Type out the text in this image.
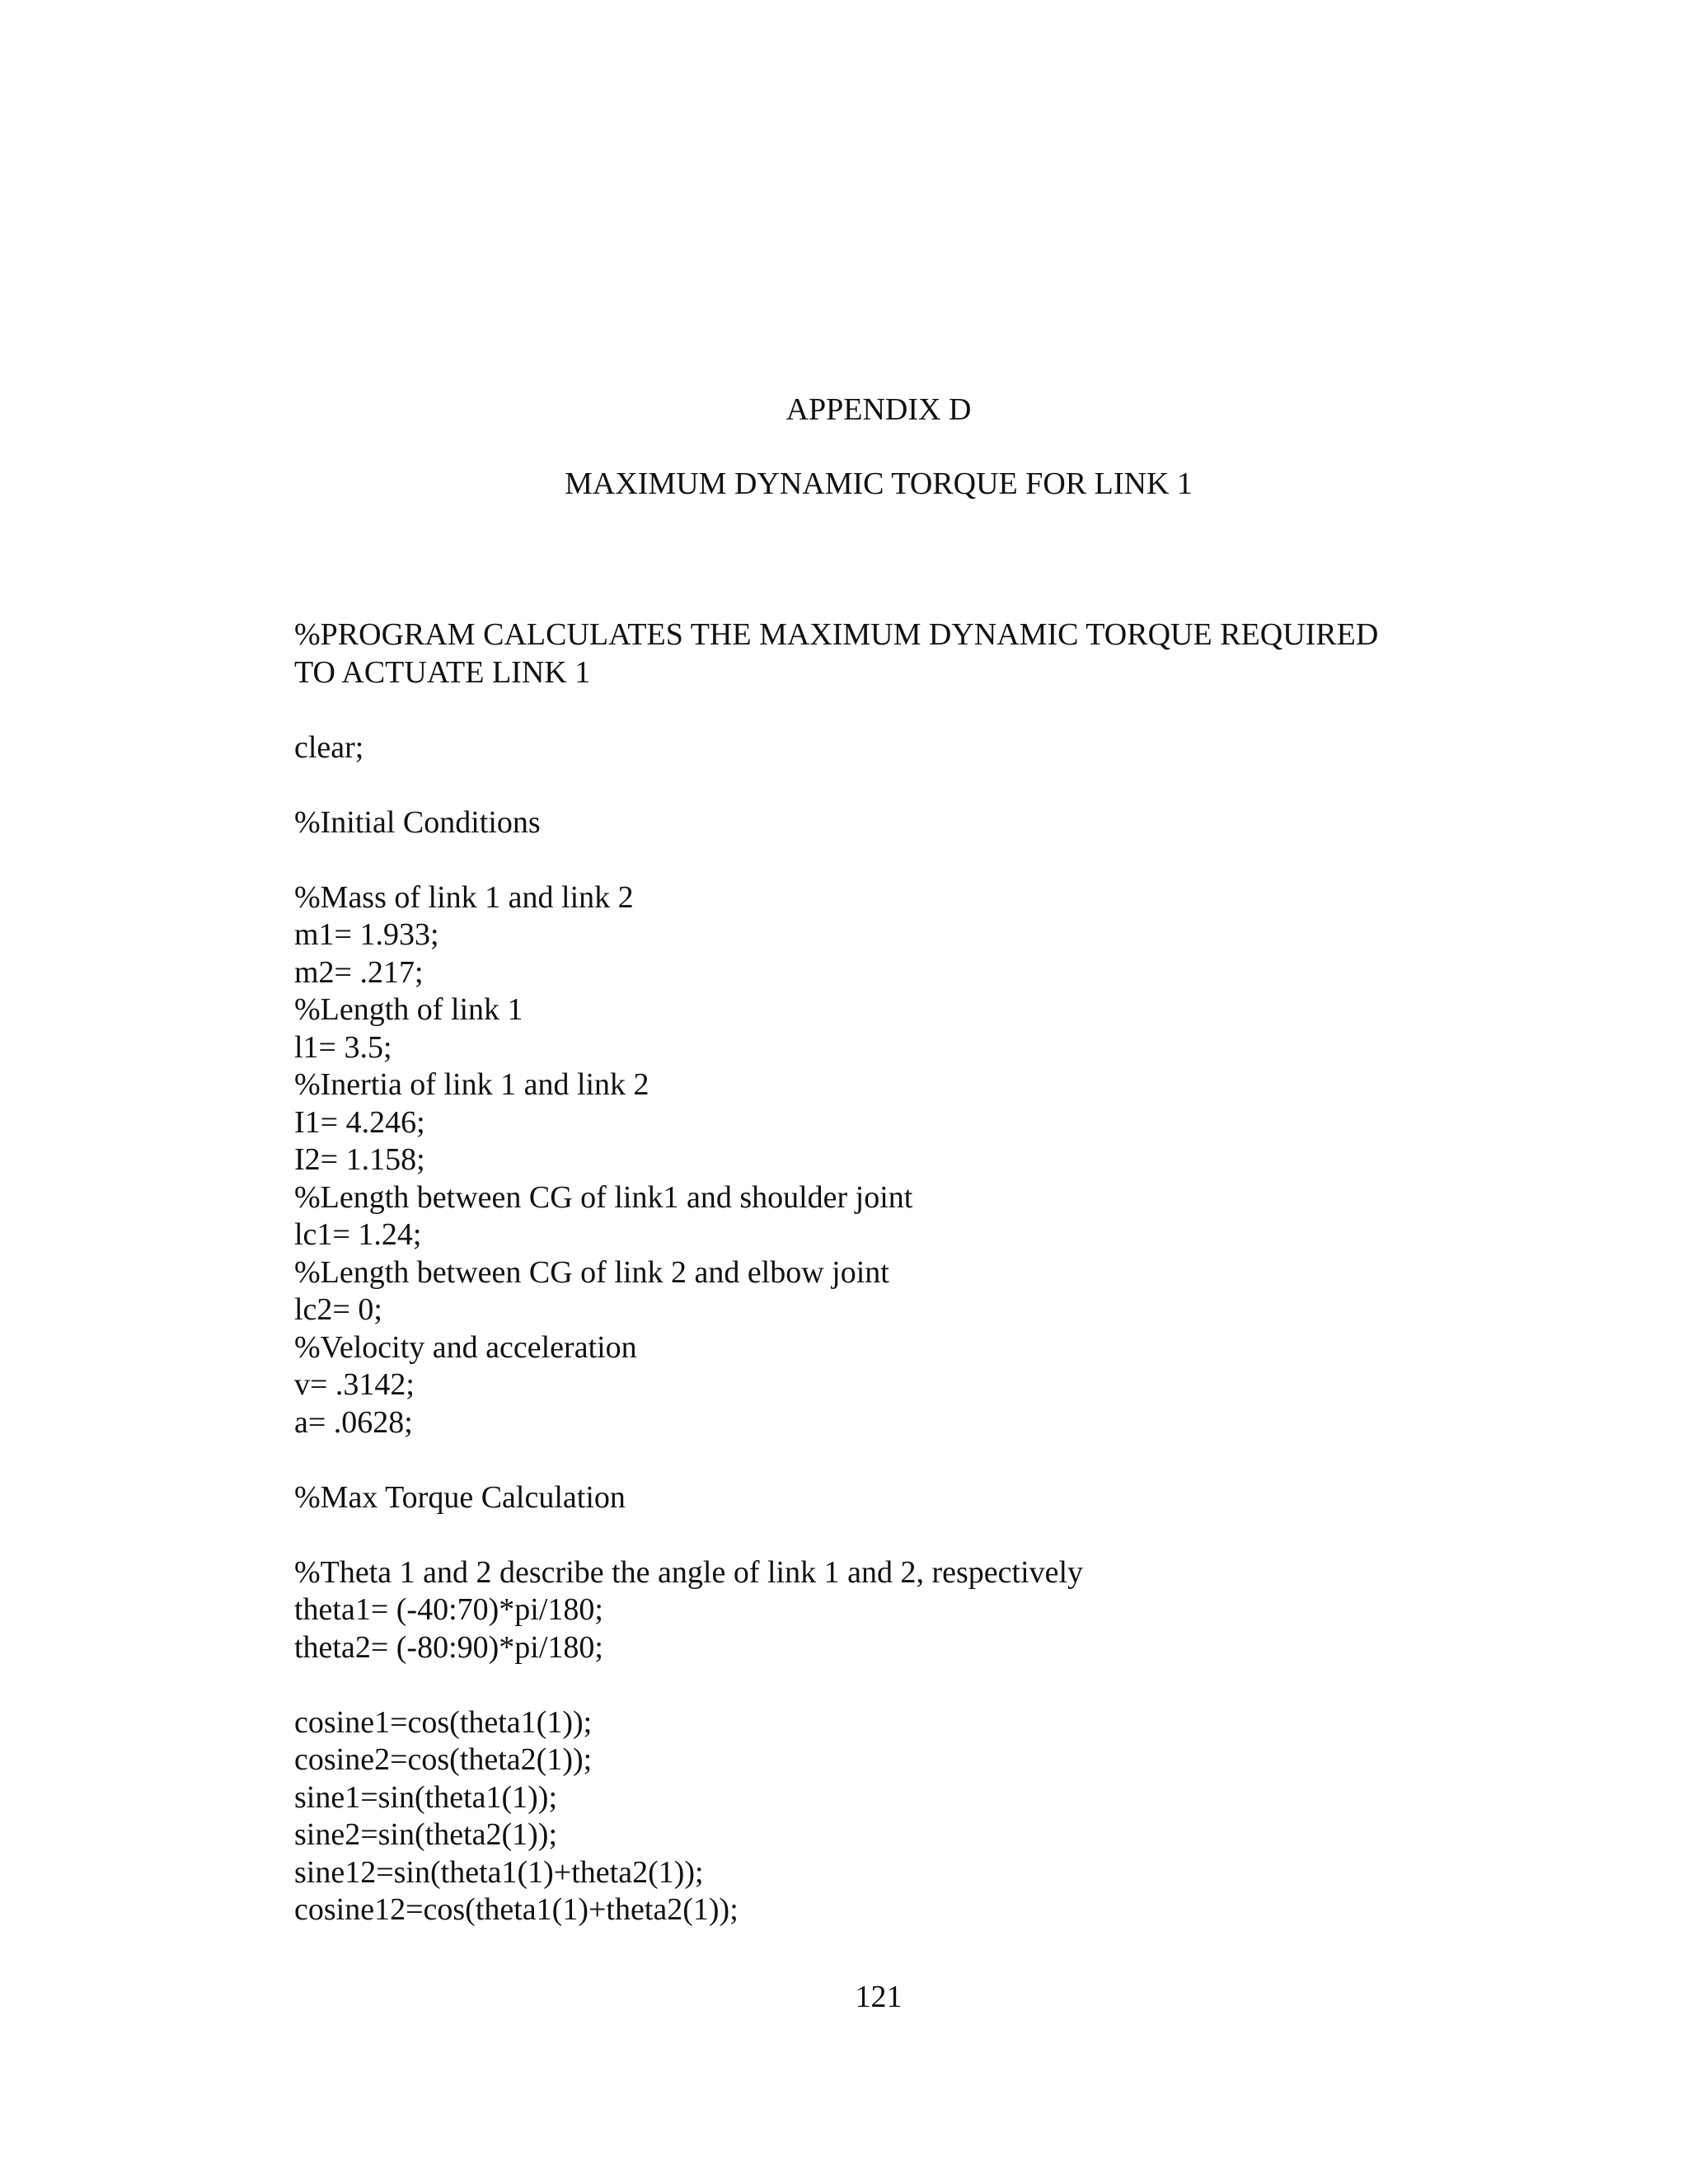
APPENDIX D
MAXIMUM DYNAMIC TORQUE FOR LINK 1
%PROGRAM CALCULATES THE MAXIMUM DYNAMIC TORQUE REQUIRED
TO ACTUATE LINK 1
clear;
%Initial Conditions
%Mass of link 1 and link 2
m1= 1.933;
m2= .217;
%Length of link 1
l1= 3.5;
%Inertia of link 1 and link 2
I1= 4.246;
I2= 1.158;
%Length between CG of link1 and shoulder joint
lc1= 1.24;
%Length between CG of link 2 and elbow joint
lc2= 0;
%Velocity and acceleration
v= .3142;
a= .0628;
%Max Torque Calculation
%Theta 1 and 2 describe the angle of link 1 and 2, respectively
theta1= (-40:70)*pi/180;
theta2= (-80:90)*pi/180;
cosine1=cos(theta1(1));
cosine2=cos(theta2(1));
sine1=sin(theta1(1));
sine2=sin(theta2(1));
sine12=sin(theta1(1)+theta2(1));
cosine12=cos(theta1(1)+theta2(1));
121
